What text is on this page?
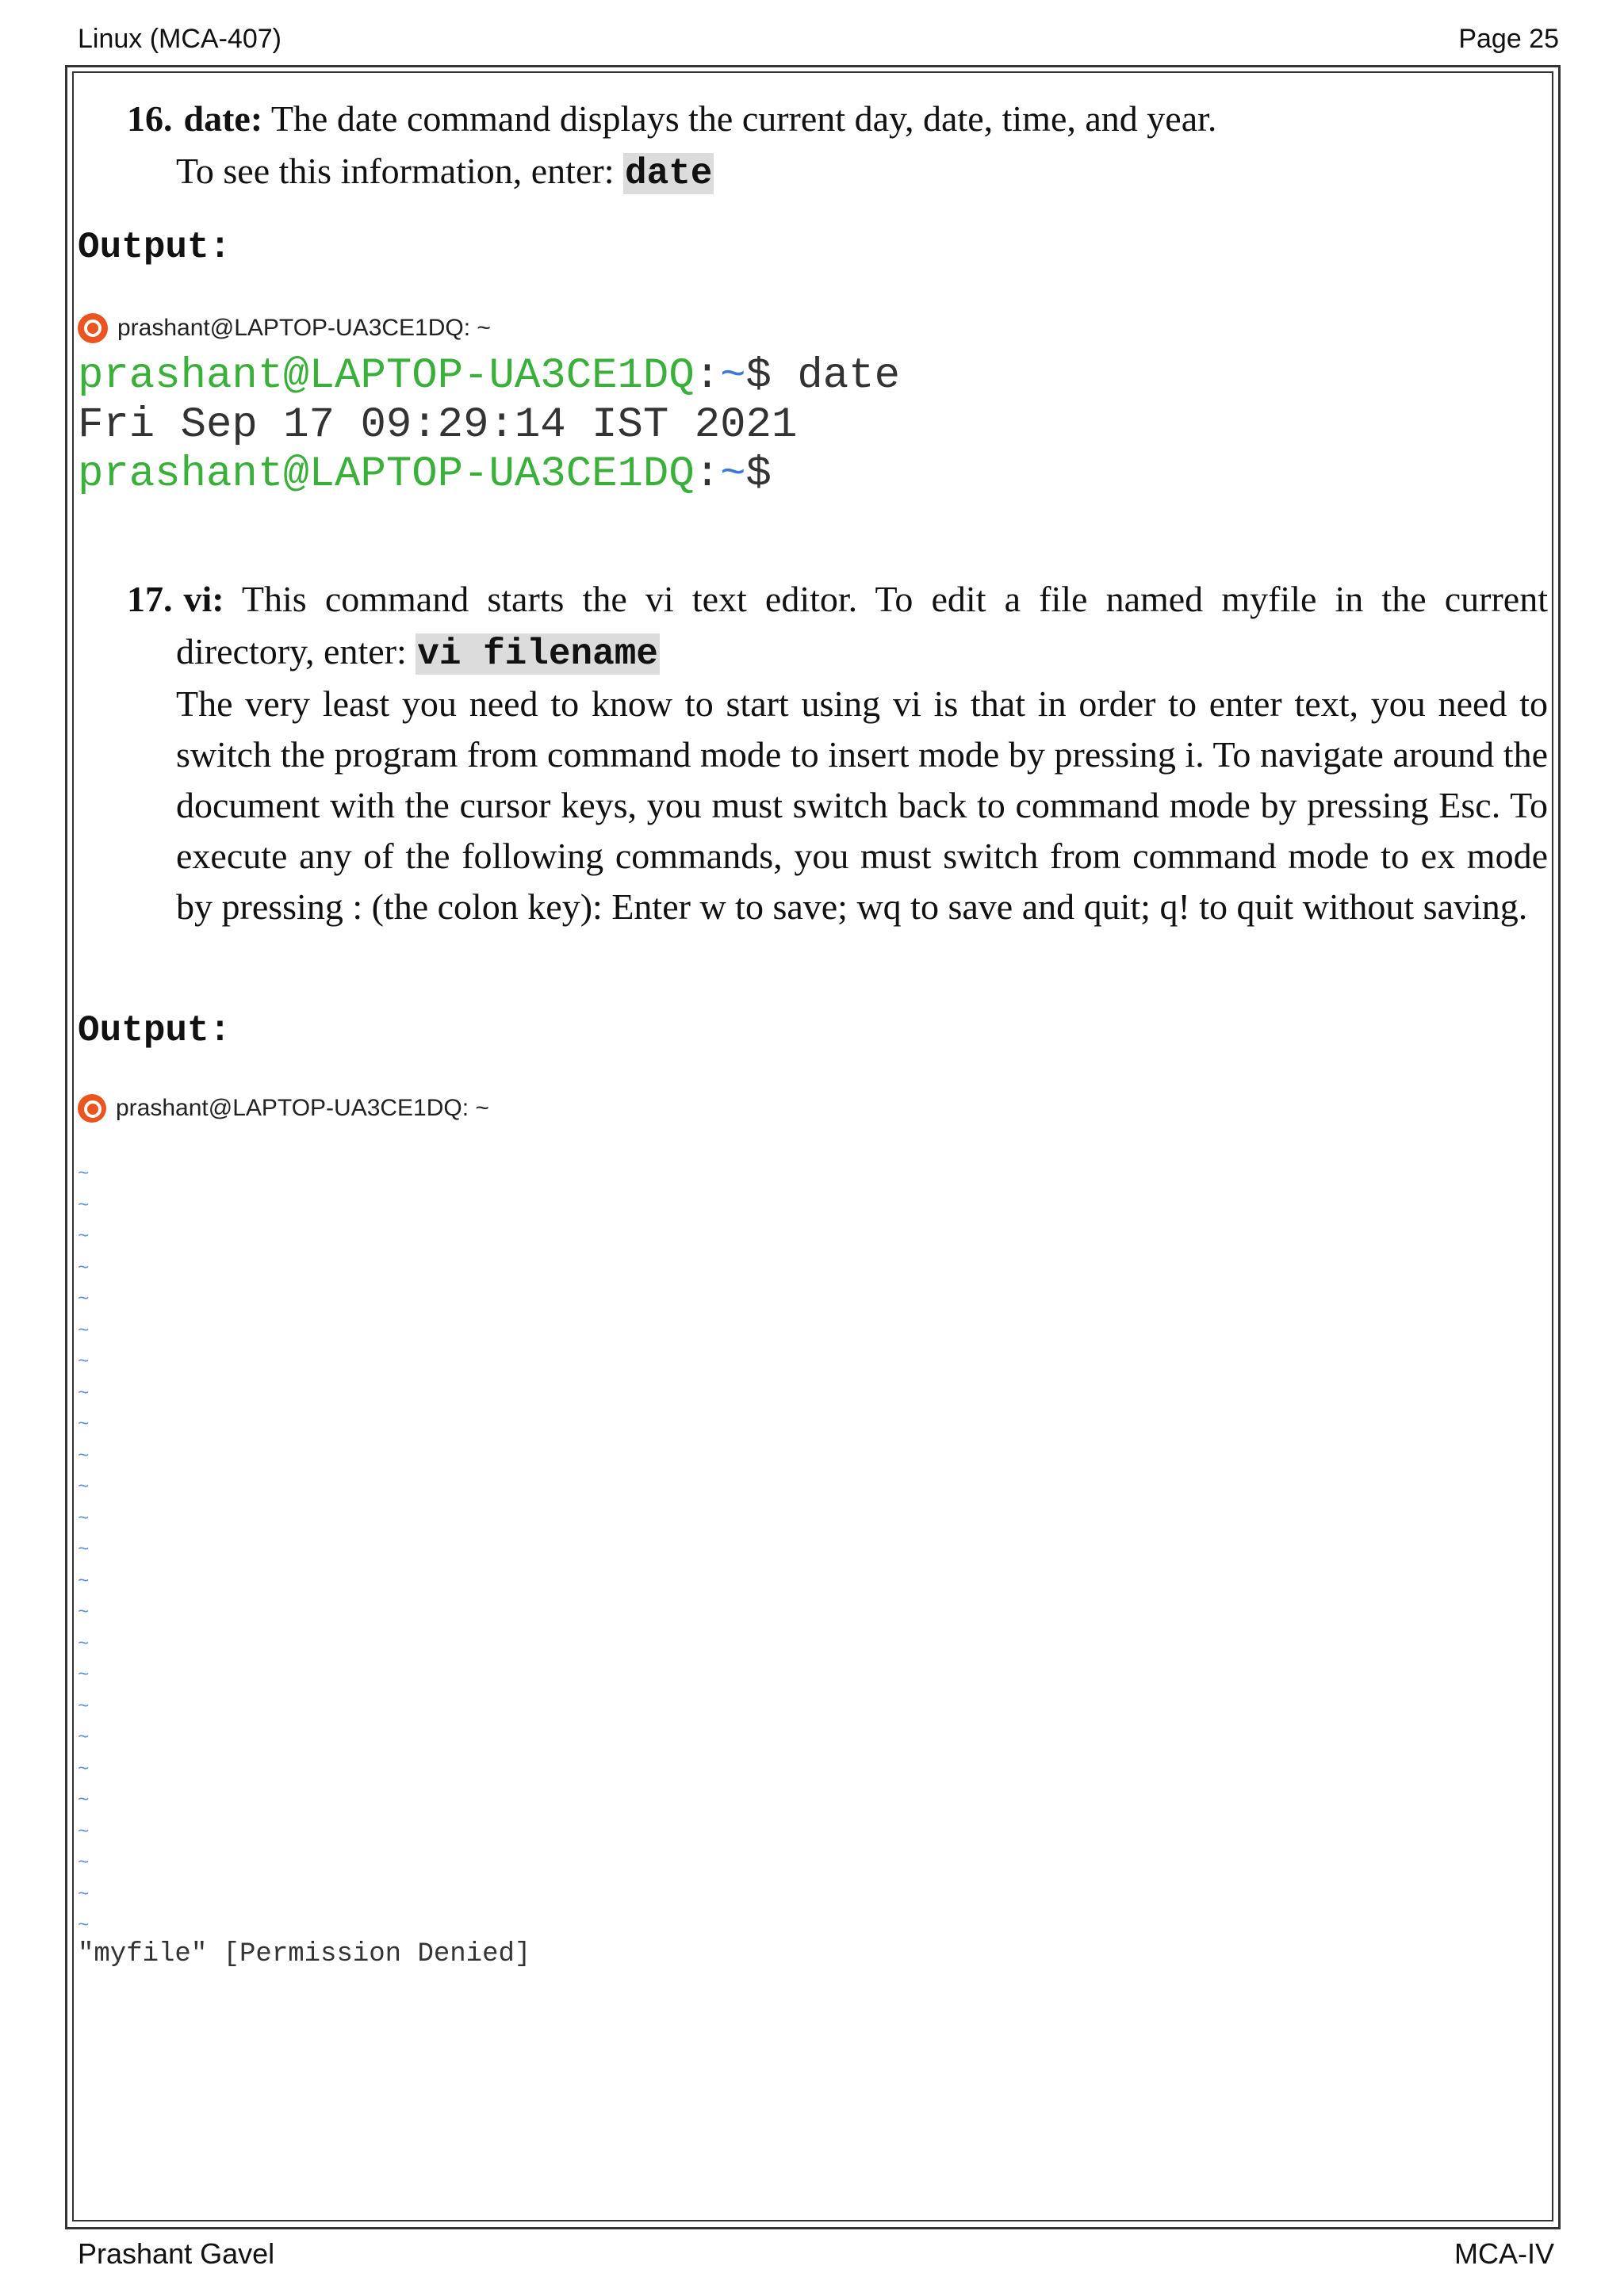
Linux (MCA-407)	Page 25
16. date: The date command displays the current day, date, time, and year.
To see this information, enter: date
Output:
prashant@LAPTOP-UA3CE1DQ: ~
prashant@LAPTOP-UA3CE1DQ:~$ date
Fri Sep 17 09:29:14 IST 2021
prashant@LAPTOP-UA3CE1DQ:~$
17. vi: This command starts the vi text editor. To edit a file named myfile in the current
directory, enter: vi filename
The very least you need to know to start using vi is that in order to enter text, you need to switch the program from command mode to insert mode by pressing i. To navigate around the document with the cursor keys, you must switch back to command mode by pressing Esc. To execute any of the following commands, you must switch from command mode to ex mode by pressing : (the colon key): Enter w to save; wq to save and quit; q! to quit without saving.
Output:
prashant@LAPTOP-UA3CE1DQ: ~
~
~
~
~
~
~
~
~
~
~
~
~
~
~
~
~
~
~
~
~
~
~
~
~
~
"myfile" [Permission Denied]
Prashant Gavel	MCA-IV
